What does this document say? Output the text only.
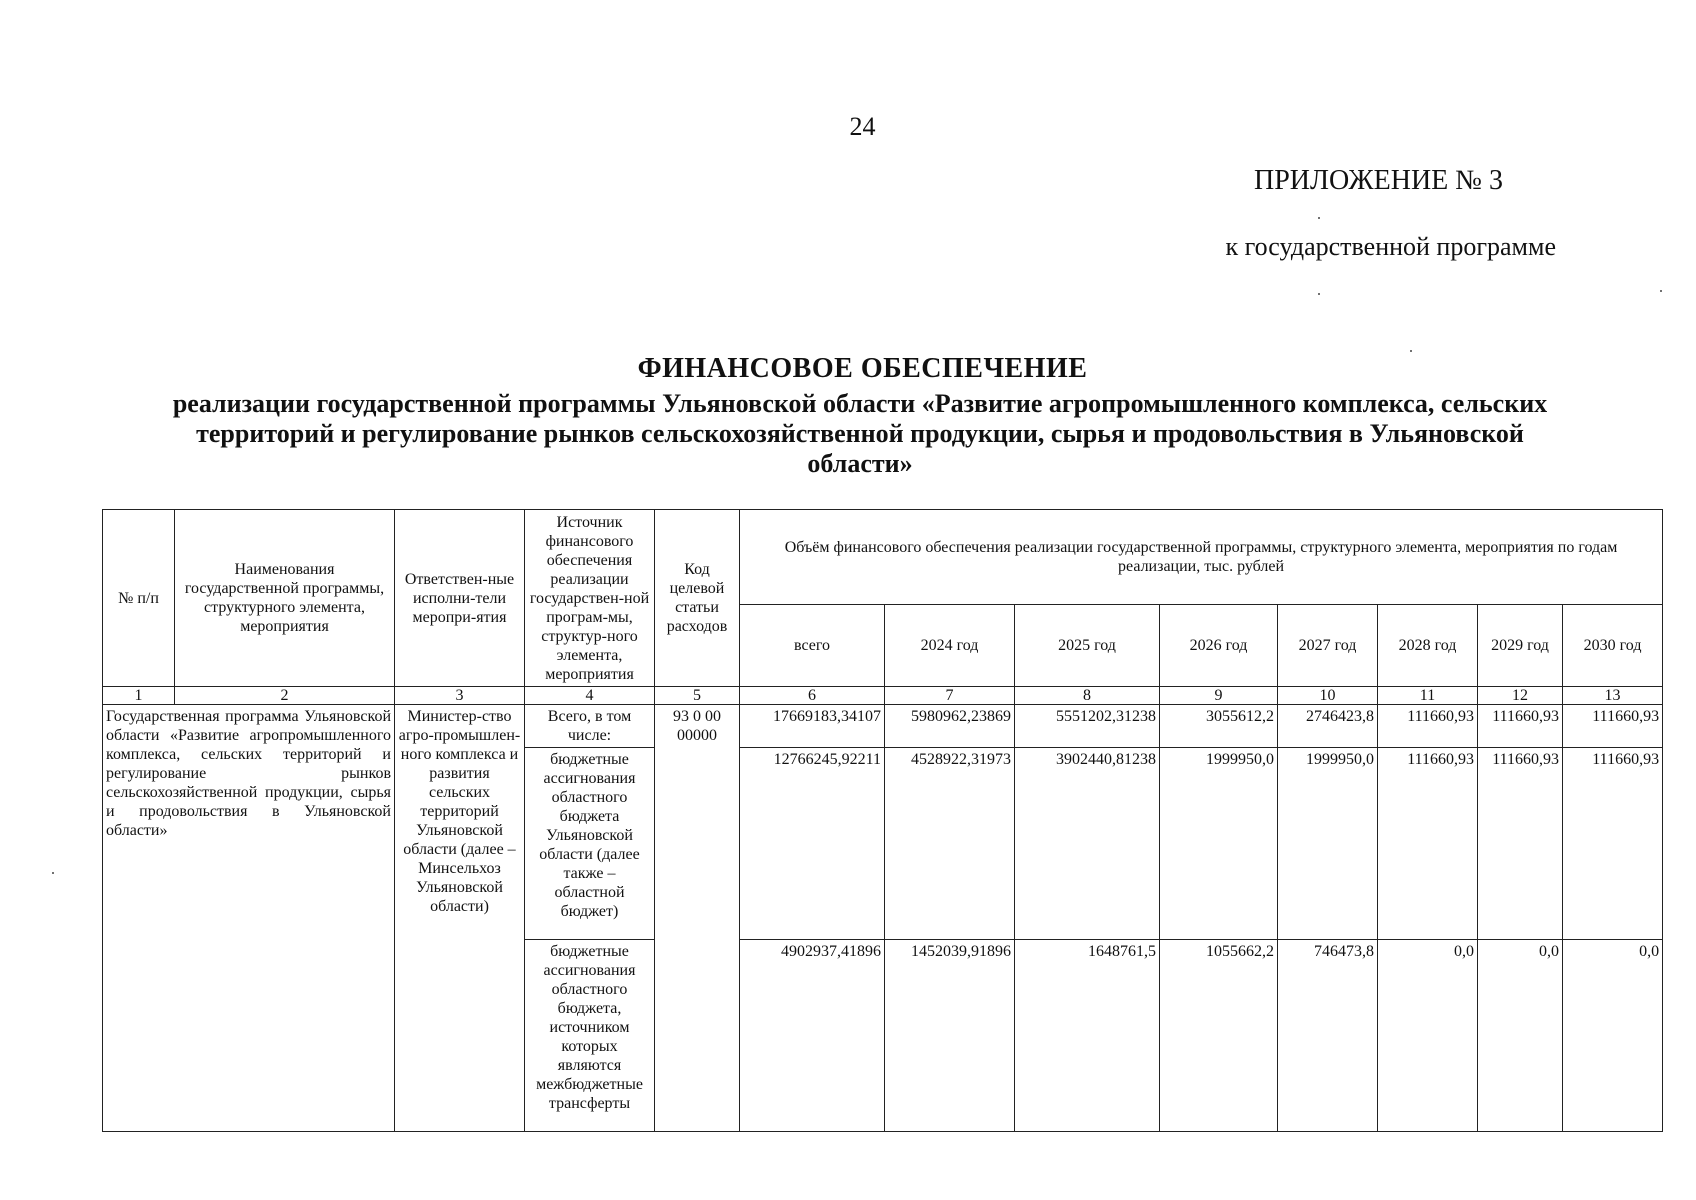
24
ПРИЛОЖЕНИЕ № 3
к государственной программе
ФИНАНСОВОЕ ОБЕСПЕЧЕНИЕ
реализации государственной программы Ульяновской области «Развитие агропромышленного комплекса, сельских территорий и регулирование рынков сельскохозяйственной продукции, сырья и продовольствия в Ульяновской области»
№ п/п	Наименования государственной программы, структурного элемента, мероприятия	Ответствен-ные исполни-тели меропри-ятия	Источник финансового обеспечения реализации государствен-ной програм-мы, структур-ного элемента, мероприятия	Код целевой статьи расходов	Объём финансового обеспечения реализации государственной программы, структурного элемента, мероприятия по годам реализации, тыс. рублей							
					всего	2024 год	2025 год	2026 год	2027 год	2028 год	2029 год	2030 год
1	2	3	4	5	6	7	8	9	10	11	12	13
Государственная программа Ульяновской области «Развитие агропромышленного комплекса, сельских территорий и регулирование рынков сельскохозяйственной продукции, сырья и продовольствия в Ульяновской области»		Министер-ство агро-промышлен-ного комплекса и развития сельских территорий Ульяновской области (далее – Минсельхоз Ульяновской области)	Всего, в том числе:	93 0 00 00000	17669183,34107	5980962,23869	5551202,31238	3055612,2	2746423,8	111660,93	111660,93	111660,93
			бюджетные ассигнования областного бюджета Ульяновской области (далее также – областной бюджет)		12766245,92211	4528922,31973	3902440,81238	1999950,0	1999950,0	111660,93	111660,93	111660,93
			бюджетные ассигнования областного бюджета, источником которых являются межбюджетные трансферты		4902937,41896	1452039,91896	1648761,5	1055662,2	746473,8	0,0	0,0	0,0
